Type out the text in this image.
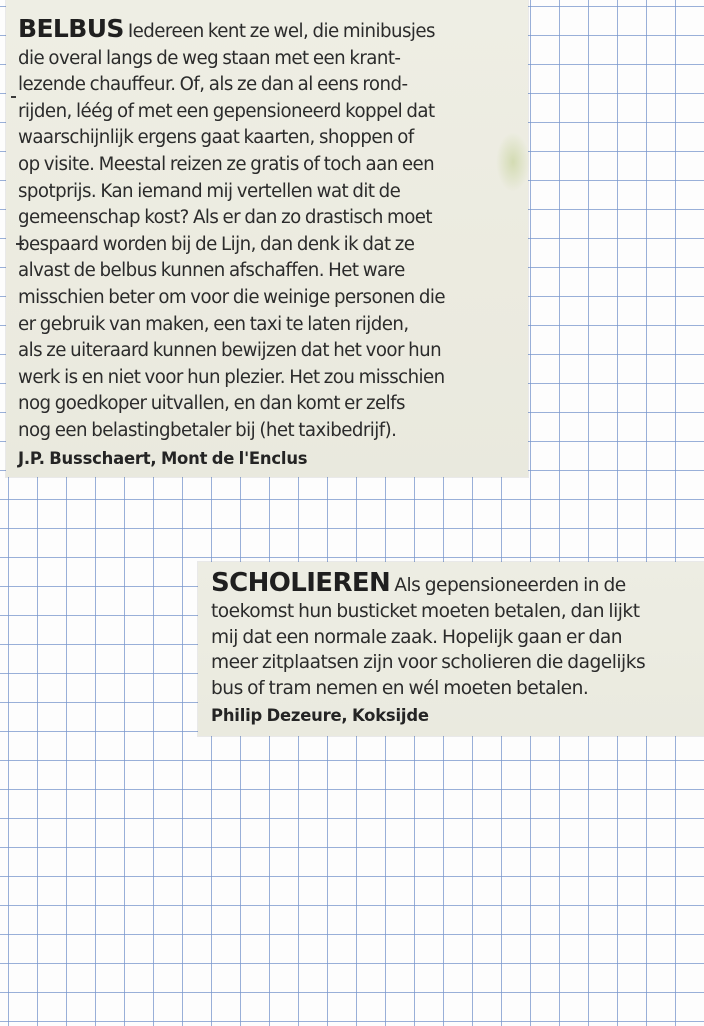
BELBUS Iedereen kent ze wel, die minibusjes
die overal langs de weg staan met een krant-
lezende chauffeur. Of, als ze dan al eens rond-
rijden, léég of met een gepensioneerd koppel dat
waarschijnlijk ergens gaat kaarten, shoppen of
op visite. Meestal reizen ze gratis of toch aan een
spotprijs. Kan iemand mij vertellen wat dit de
gemeenschap kost? Als er dan zo drastisch moet
bespaard worden bij de Lijn, dan denk ik dat ze
alvast de belbus kunnen afschaffen. Het ware
misschien beter om voor die weinige personen die
er gebruik van maken, een taxi te laten rijden,
als ze uiteraard kunnen bewijzen dat het voor hun
werk is en niet voor hun plezier. Het zou misschien
nog goedkoper uitvallen, en dan komt er zelfs
nog een belastingbetaler bij (het taxibedrijf).
J.P. Busschaert, Mont de l'Enclus
SCHOLIEREN Als gepensioneerden in de
toekomst hun busticket moeten betalen, dan lijkt
mij dat een normale zaak. Hopelijk gaan er dan
meer zitplaatsen zijn voor scholieren die dagelijks
bus of tram nemen en wél moeten betalen.
Philip Dezeure, Koksijde
